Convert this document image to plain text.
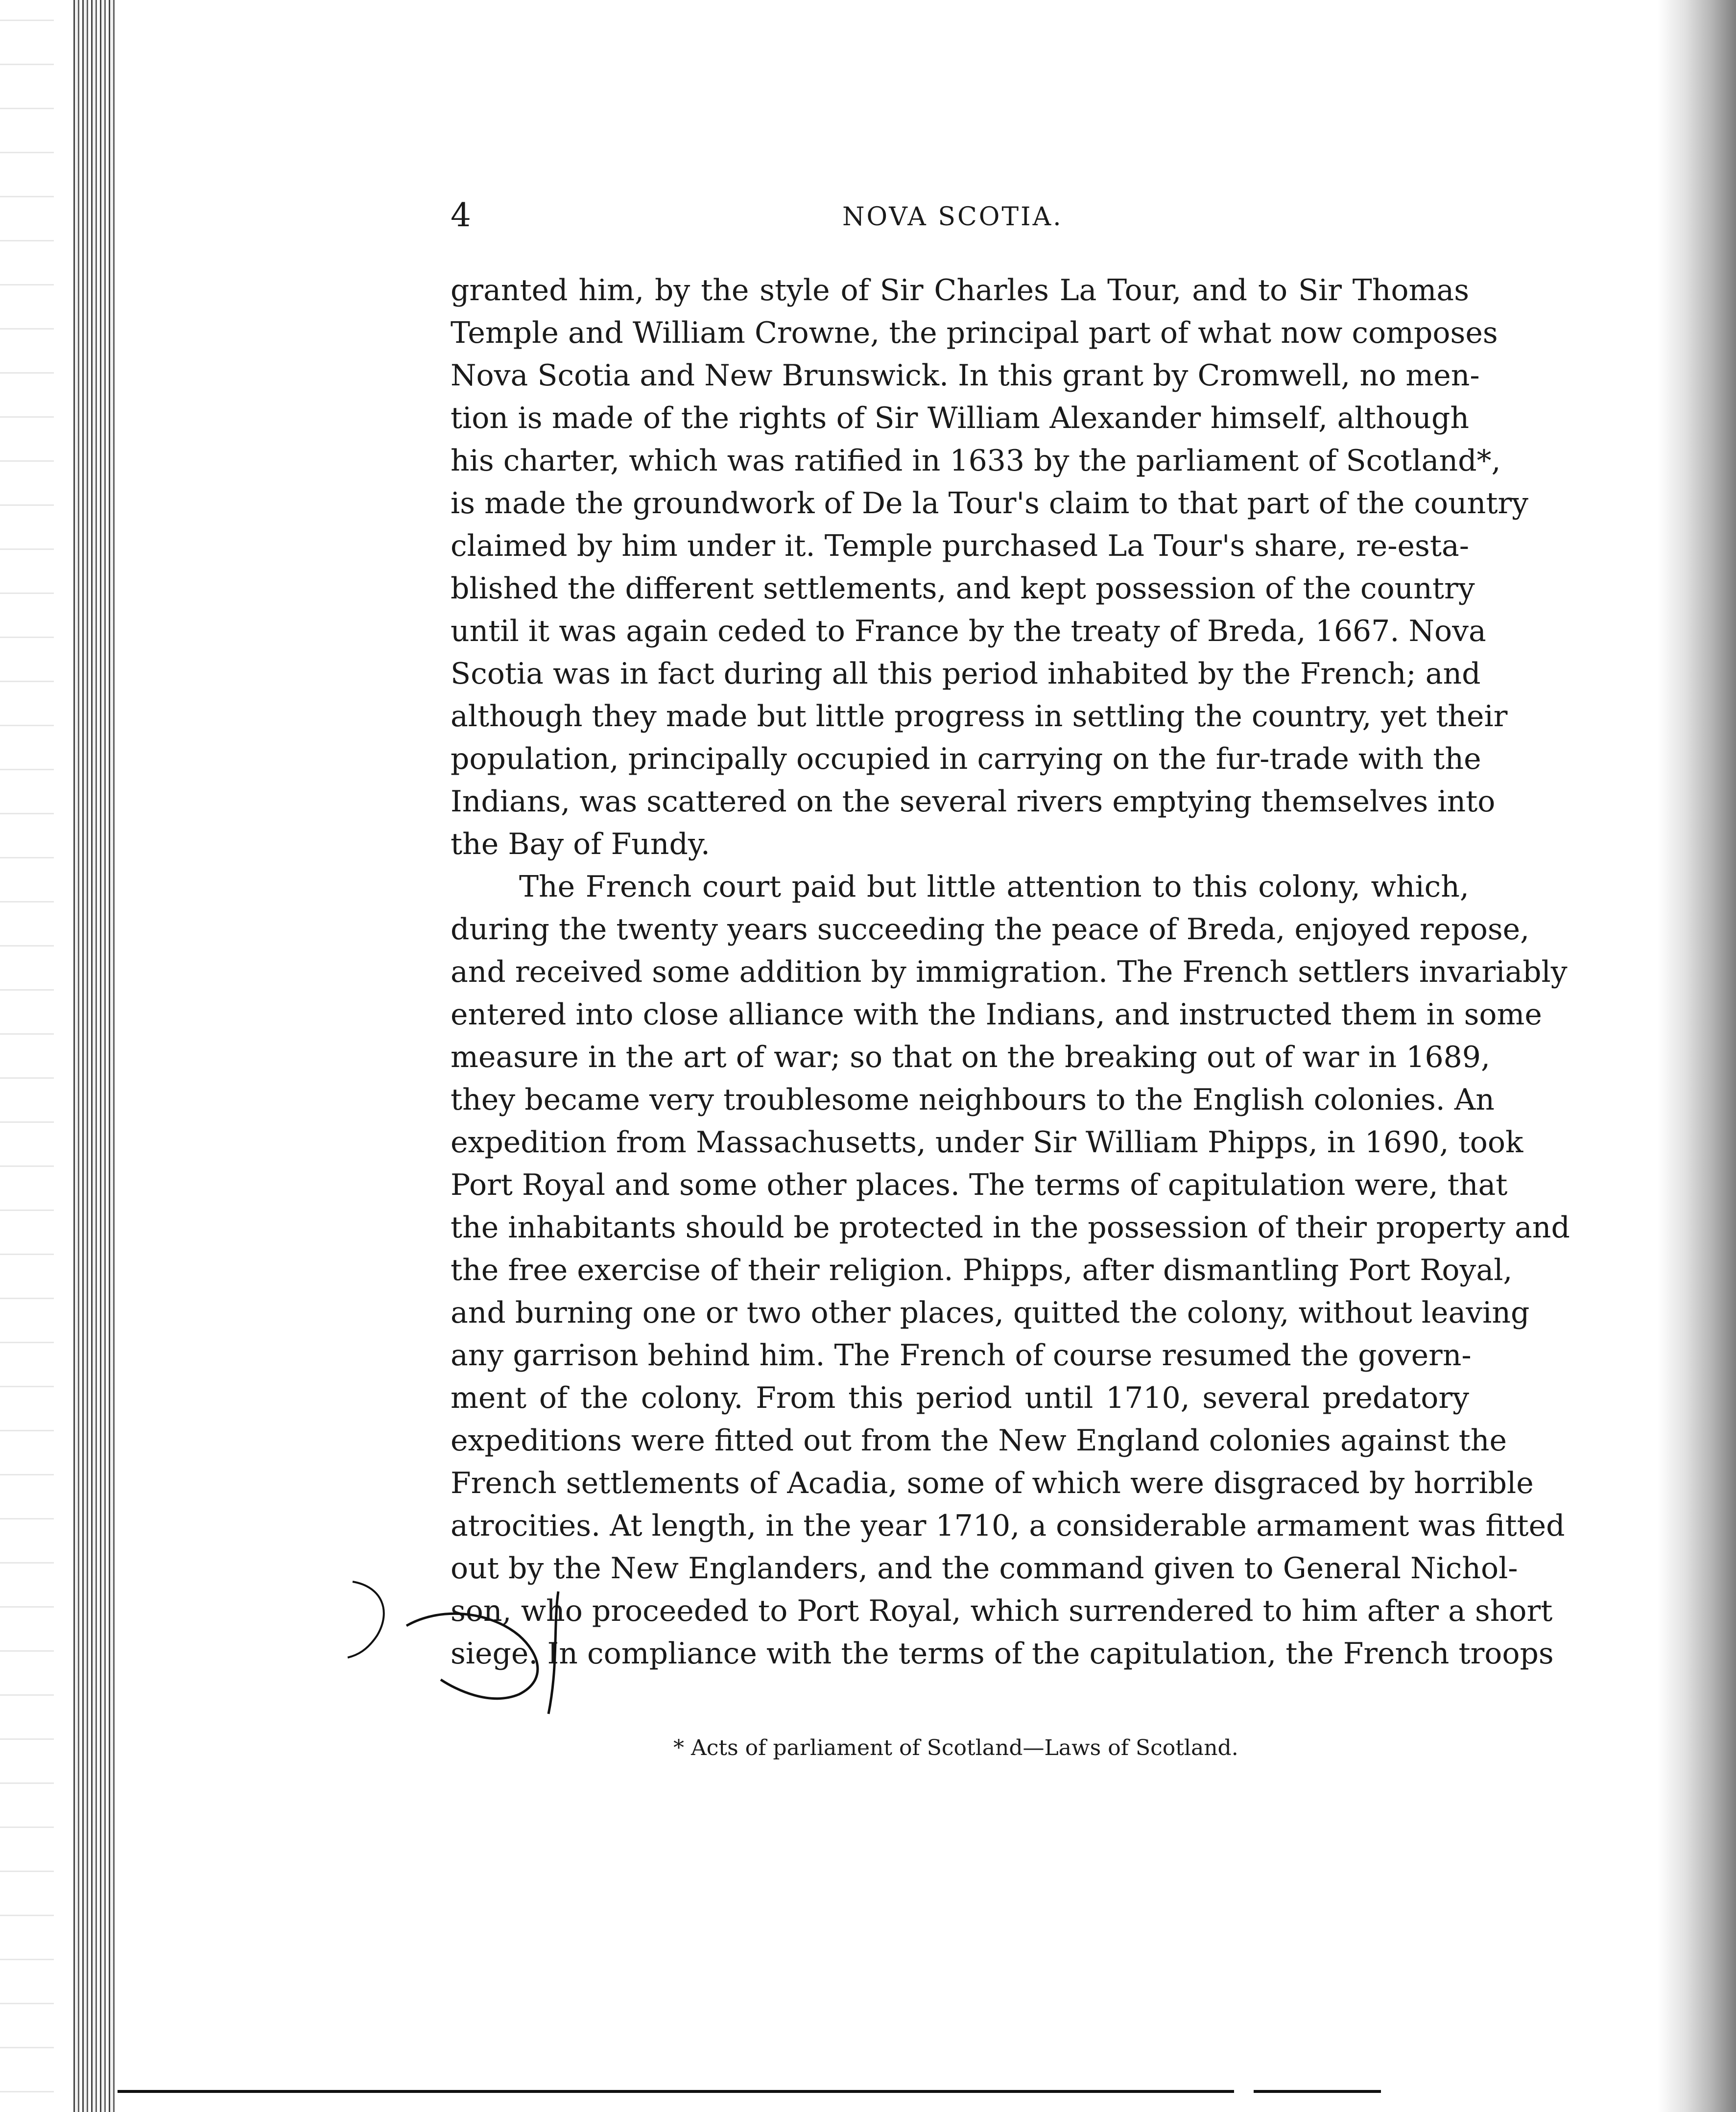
4	NOVA SCOTIA.
granted him, by the style of Sir Charles La Tour, and to Sir Thomas
Temple and William Crowne, the principal part of what now composes
Nova Scotia and New Brunswick. In this grant by Cromwell, no men-
tion is made of the rights of Sir William Alexander himself, although
his charter, which was ratified in 1633 by the parliament of Scotland*,
is made the groundwork of De la Tour's claim to that part of the country
claimed by him under it. Temple purchased La Tour's share, re-esta-
blished the different settlements, and kept possession of the country
until it was again ceded to France by the treaty of Breda, 1667. Nova
Scotia was in fact during all this period inhabited by the French; and
although they made but little progress in settling the country, yet their
population, principally occupied in carrying on the fur-trade with the
Indians, was scattered on the several rivers emptying themselves into
the Bay of Fundy.
The French court paid but little attention to this colony, which,
during the twenty years succeeding the peace of Breda, enjoyed repose,
and received some addition by immigration. The French settlers invariably
entered into close alliance with the Indians, and instructed them in some
measure in the art of war; so that on the breaking out of war in 1689,
they became very troublesome neighbours to the English colonies. An
expedition from Massachusetts, under Sir William Phipps, in 1690, took
Port Royal and some other places. The terms of capitulation were, that
the inhabitants should be protected in the possession of their property and
the free exercise of their religion. Phipps, after dismantling Port Royal,
and burning one or two other places, quitted the colony, without leaving
any garrison behind him. The French of course resumed the govern-
ment of the colony. From this period until 1710, several predatory
expeditions were fitted out from the New England colonies against the
French settlements of Acadia, some of which were disgraced by horrible
atrocities. At length, in the year 1710, a considerable armament was fitted
out by the New Englanders, and the command given to General Nichol-
son, who proceeded to Port Royal, which surrendered to him after a short
siege. In compliance with the terms of the capitulation, the French troops
* Acts of parliament of Scotland—Laws of Scotland.
